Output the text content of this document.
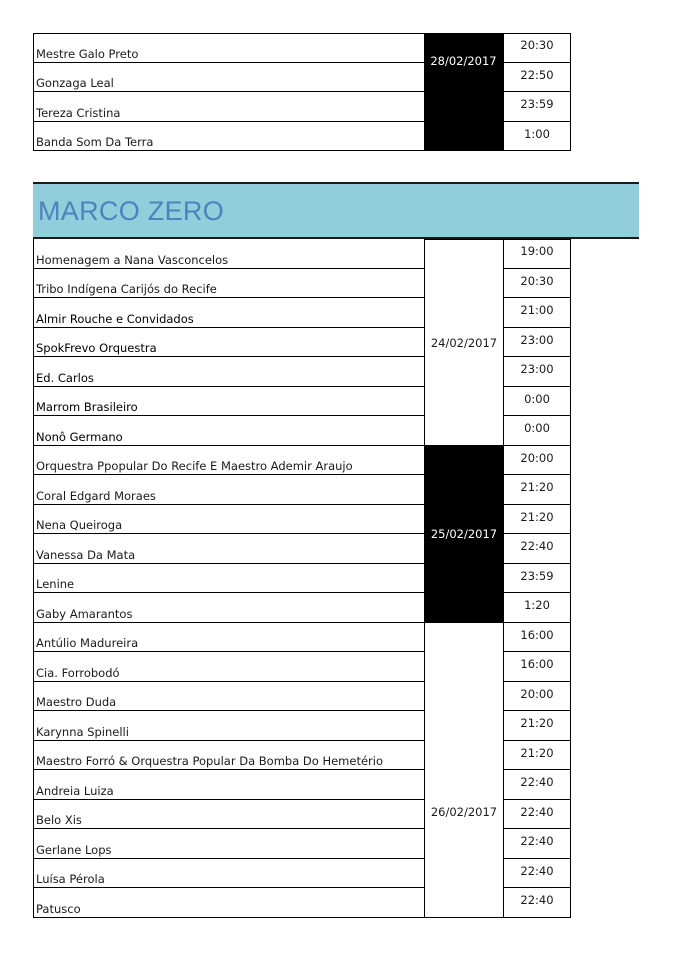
Mestre Galo Preto
Gonzaga Leal
Tereza Cristina
Banda Som Da Terra
28/02/2017
20:30
22:50
23:59
1:00
MARCO ZERO
Homenagem a Nana Vasconcelos
Tribo Indígena Carijós do Recife
Almir Rouche e Convidados
SpokFrevo Orquestra
Ed. Carlos
Marrom Brasileiro
Nonô Germano
Orquestra Ppopular Do Recife E Maestro Ademir Araujo
Coral Edgard Moraes
Nena Queiroga
Vanessa Da Mata
Lenine
Gaby Amarantos
Antúlio Madureira
Cia. Forrobodó
Maestro Duda
Karynna Spinelli
Maestro Forró & Orquestra Popular Da Bomba Do Hemetério
Andreia Luiza
Belo Xis
Gerlane Lops
Luísa Pérola
Patusco
24/02/2017
25/02/2017
26/02/2017
19:00
20:30
21:00
23:00
23:00
0:00
0:00
20:00
21:20
21:20
22:40
23:59
1:20
16:00
16:00
20:00
21:20
21:20
22:40
22:40
22:40
22:40
22:40
